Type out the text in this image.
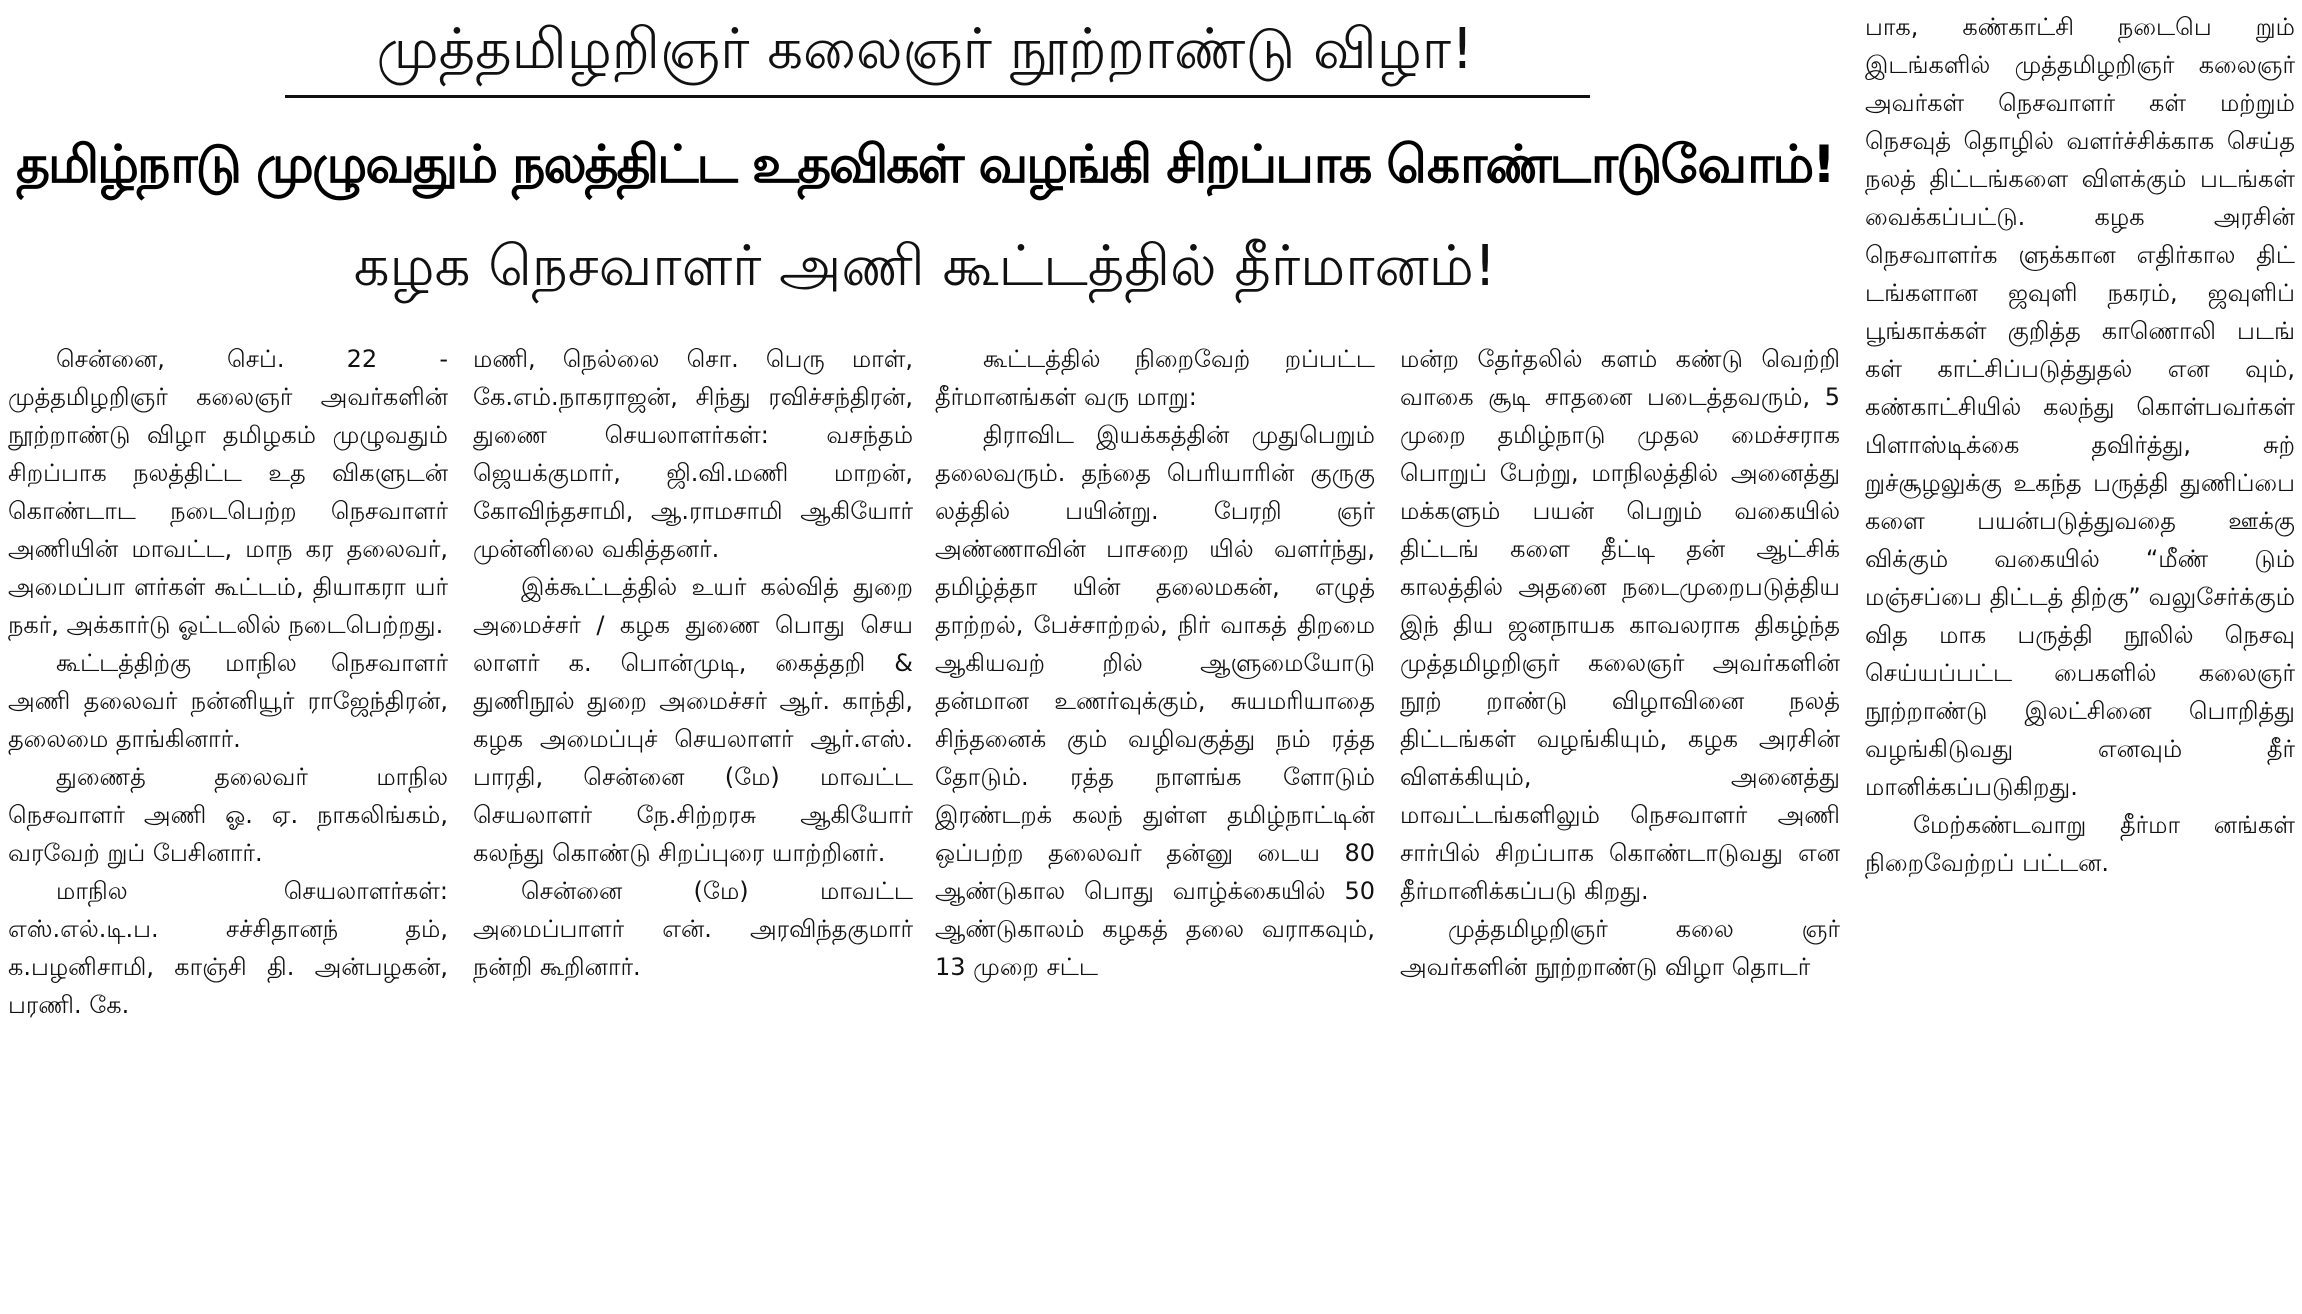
முத்தமிழறிஞர் கலைஞர் நூற்றாண்டு விழா!
தமிழ்நாடு முழுவதும் நலத்திட்ட உதவிகள் வழங்கி சிறப்பாக கொண்டாடுவோம்!
கழக நெசவாளர் அணி கூட்டத்தில் தீர்மானம்!

சென்னை, செப். 22 - முத்தமிழறிஞர் கலைஞர் அவர்களின் நூற்றாண்டு விழா தமிழகம் முழுவதும் சிறப்பாக நலத்திட்ட உத விகளுடன் கொண்டாட நடைபெற்ற நெசவாளர் அணியின் மாவட்ட, மாந கர தலைவர், அமைப்பா ளர்கள் கூட்டம், தியாகரா யர் நகர், அக்கார்டு ஓட்டலில் நடைபெற்றது.

கூட்டத்திற்கு மாநில நெசவாளர் அணி தலைவர் நன்னியூர் ராஜேந்திரன், தலைமை தாங்கினார்.

துணைத் தலைவர் மாநில நெசவாளர் அணி ஓ. ஏ. நாகலிங்கம், வரவேற் றுப் பேசினார்.

மாநில செயலாளர்கள்: எஸ்.எல்.டி.ப. சச்சிதானந் தம், க.பழனிசாமி, காஞ்சி தி. அன்பழகன், பரணி. கே.

மணி, நெல்லை சொ. பெரு மாள், கே.எம்.நாகராஜன், சிந்து ரவிச்சந்திரன், துணை செயலாளர்கள்: வசந்தம் ஜெயக்குமார், ஜி.வி.மணி மாறன், கோவிந்தசாமி, ஆ.ராமசாமி ஆகியோர் முன்னிலை வகித்தனர்.

இக்கூட்டத்தில் உயர் கல்வித் துறை அமைச்சர் / கழக துணை பொது செய லாளர் க. பொன்முடி, கைத்தறி & துணிநூல் துறை அமைச்சர் ஆர். காந்தி, கழக அமைப்புச் செயலாளர் ஆர்.எஸ். பாரதி, சென்னை (மே) மாவட்ட செயலாளர் நே.சிற்றரசு ஆகியோர் கலந்து கொண்டு சிறப்புரை யாற்றினர்.

சென்னை (மே) மாவட்ட அமைப்பாளர் என். அரவிந்தகுமார் நன்றி கூறினார்.

கூட்டத்தில் நிறைவேற் றப்பட்ட தீர்மானங்கள் வரு மாறு:

திராவிட இயக்கத்தின் முதுபெறும் தலைவரும். தந்தை பெரியாரின் குருகு லத்தில் பயின்று. பேரறி ஞர் அண்ணாவின் பாசறை யில் வளர்ந்து, தமிழ்த்தா யின் தலைமகன், எழுத் தாற்றல், பேச்சாற்றல், நிர் வாகத் திறமை ஆகியவற் றில் ஆளுமையோடு தன்மான உணர்வுக்கும், சுயமரியாதை சிந்தனைக் கும் வழிவகுத்து நம் ரத்த தோடும். ரத்த நாளங்க ளோடும் இரண்டறக் கலந் துள்ள தமிழ்நாட்டின் ஒப்பற்ற தலைவர் தன்னு டைய 80 ஆண்டுகால பொது வாழ்க்கையில் 50 ஆண்டுகாலம் கழகத் தலை வராகவும், 13 முறை சட்ட

மன்ற தேர்தலில் களம் கண்டு வெற்றி வாகை சூடி சாதனை படைத்தவரும், 5 முறை தமிழ்நாடு முதல மைச்சராக பொறுப் பேற்று, மாநிலத்தில் அனைத்து மக்களும் பயன் பெறும் வகையில் திட்டங் களை தீட்டி தன் ஆட்சிக் காலத்தில் அதனை நடைமுறைபடுத்திய இந் திய ஜனநாயக காவலராக திகழ்ந்த முத்தமிழறிஞர் கலைஞர் அவர்களின் நூற் றாண்டு விழாவினை நலத் திட்டங்கள் வழங்கியும், கழக அரசின் விளக்கியும், அனைத்து மாவட்டங்களிலும் நெசவாளர் அணி சார்பில் சிறப்பாக கொண்டாடுவது என தீர்மானிக்கப்படு கிறது.

முத்தமிழறிஞர் கலை ஞர் அவர்களின் நூற்றாண்டு விழா தொடர்

பாக, கண்காட்சி நடைபெ றும் இடங்களில் முத்தமிழறிஞர் கலைஞர் அவர்கள் நெசவாளர் கள் மற்றும் நெசவுத் தொழில் வளர்ச்சிக்காக செய்த நலத் திட்டங்களை விளக்கும் படங்கள் வைக்கப்பட்டு. கழக அரசின் நெசவாளர்க ளுக்கான எதிர்கால திட் டங்களான ஜவுளி நகரம், ஜவுளிப் பூங்காக்கள் குறித்த காணொலி படங் கள் காட்சிப்படுத்துதல் என வும், கண்காட்சியில் கலந்து கொள்பவர்கள் பிளாஸ்டிக்கை தவிர்த்து, சுற் றுச்சூழலுக்கு உகந்த பருத்தி துணிப்பை களை பயன்படுத்துவதை ஊக்கு விக்கும் வகையில் “மீண் டும் மஞ்சப்பை திட்டத் திற்கு” வலுசேர்க்கும் வித மாக பருத்தி நூலில் நெசவு செய்யப்பட்ட பைகளில் கலைஞர் நூற்றாண்டு இலட்சினை பொறித்து வழங்கிடுவது எனவும் தீர் மானிக்கப்படுகிறது.

மேற்கண்டவாறு தீர்மா னங்கள் நிறைவேற்றப் பட்டன.
